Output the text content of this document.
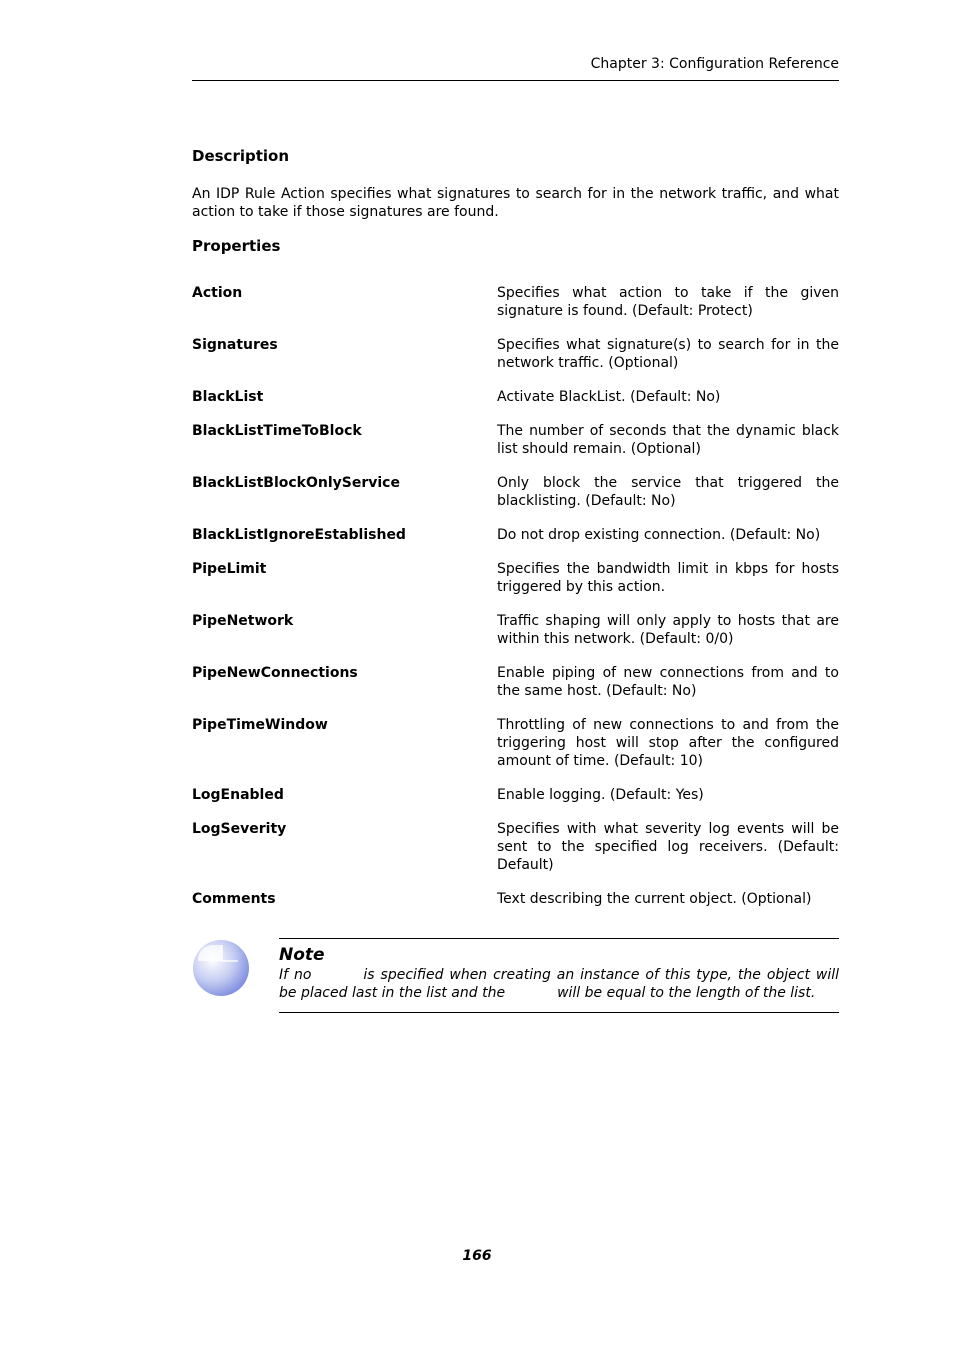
Chapter 3: Configuration Reference
Description
An IDP Rule Action specifies what signatures to search for in the network traffic, and what action to take if those signatures are found.
Properties
Action	Specifies what action to take if the given signature is found. (Default: Protect)
Signatures	Specifies what signature(s) to search for in the network traffic. (Optional)
BlackList	Activate BlackList. (Default: No)
BlackListTimeToBlock	The number of seconds that the dynamic black list should remain. (Optional)
BlackListBlockOnlyService	Only block the service that triggered the blacklisting. (Default: No)
BlackListIgnoreEstablished	Do not drop existing connection. (Default: No)
PipeLimit	Specifies the bandwidth limit in kbps for hosts triggered by this action.
PipeNetwork	Traffic shaping will only apply to hosts that are within this network. (Default: 0/0)
PipeNewConnections	Enable piping of new connections from and to the same host. (Default: No)
PipeTimeWindow	Throttling of new connections to and from the triggering host will stop after the configured amount of time. (Default: 10)
LogEnabled	Enable logging. (Default: Yes)
LogSeverity	Specifies with what severity log events will be sent to the specified log receivers. (Default: Default)
Comments	Text describing the current object. (Optional)
Note
If no	is specified when creating an instance of this type, the object will be placed last in the list and the	will be equal to the length of the list.
166
